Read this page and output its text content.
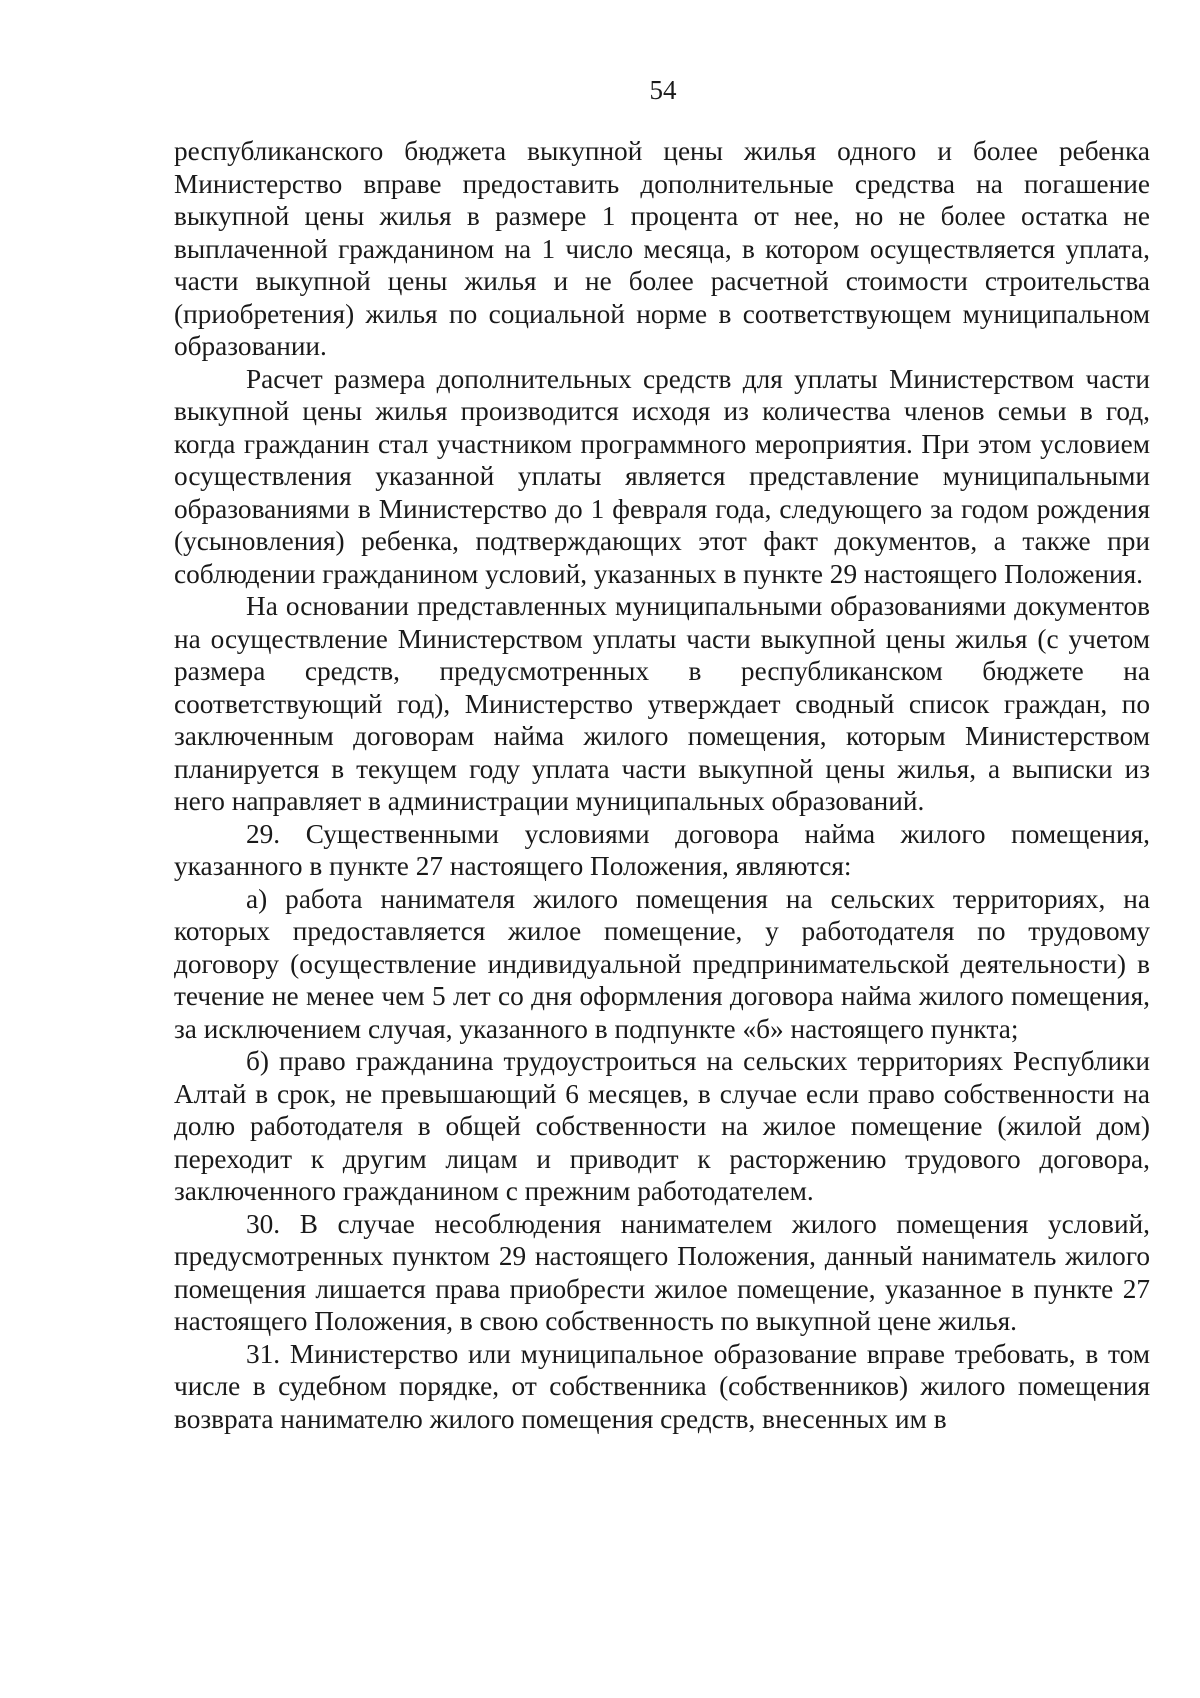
54

республиканского бюджета выкупной цены жилья одного и более ребенка Министерство вправе предоставить дополнительные средства на погашение выкупной цены жилья в размере 1 процента от нее, но не более остатка не выплаченной гражданином на 1 число месяца, в котором осуществляется уплата, части выкупной цены жилья и не более расчетной стоимости строительства (приобретения) жилья по социальной норме в соответствующем муниципальном образовании.

Расчет размера дополнительных средств для уплаты Министерством части выкупной цены жилья производится исходя из количества членов семьи в год, когда гражданин стал участником программного мероприятия. При этом условием осуществления указанной уплаты является представление муниципальными образованиями в Министерство до 1 февраля года, следующего за годом рождения (усыновления) ребенка, подтверждающих этот факт документов, а также при соблюдении гражданином условий, указанных в пункте 29 настоящего Положения.

На основании представленных муниципальными образованиями документов на осуществление Министерством уплаты части выкупной цены жилья (с учетом размера средств, предусмотренных в республиканском бюджете на соответствующий год), Министерство утверждает сводный список граждан, по заключенным договорам найма жилого помещения, которым Министерством планируется в текущем году уплата части выкупной цены жилья, а выписки из него направляет в администрации муниципальных образований.

29. Существенными условиями договора найма жилого помещения, указанного в пункте 27 настоящего Положения, являются:

а) работа нанимателя жилого помещения на сельских территориях, на которых предоставляется жилое помещение, у работодателя по трудовому договору (осуществление индивидуальной предпринимательской деятельности) в течение не менее чем 5 лет со дня оформления договора найма жилого помещения, за исключением случая, указанного в подпункте «б» настоящего пункта;

б) право гражданина трудоустроиться на сельских территориях Республики Алтай в срок, не превышающий 6 месяцев, в случае если право собственности на долю работодателя в общей собственности на жилое помещение (жилой дом) переходит к другим лицам и приводит к расторжению трудового договора, заключенного гражданином с прежним работодателем.

30. В случае несоблюдения нанимателем жилого помещения условий, предусмотренных пунктом 29 настоящего Положения, данный наниматель жилого помещения лишается права приобрести жилое помещение, указанное в пункте 27 настоящего Положения, в свою собственность по выкупной цене жилья.

31. Министерство или муниципальное образование вправе требовать, в том числе в судебном порядке, от собственника (собственников) жилого помещения возврата нанимателю жилого помещения средств, внесенных им в
